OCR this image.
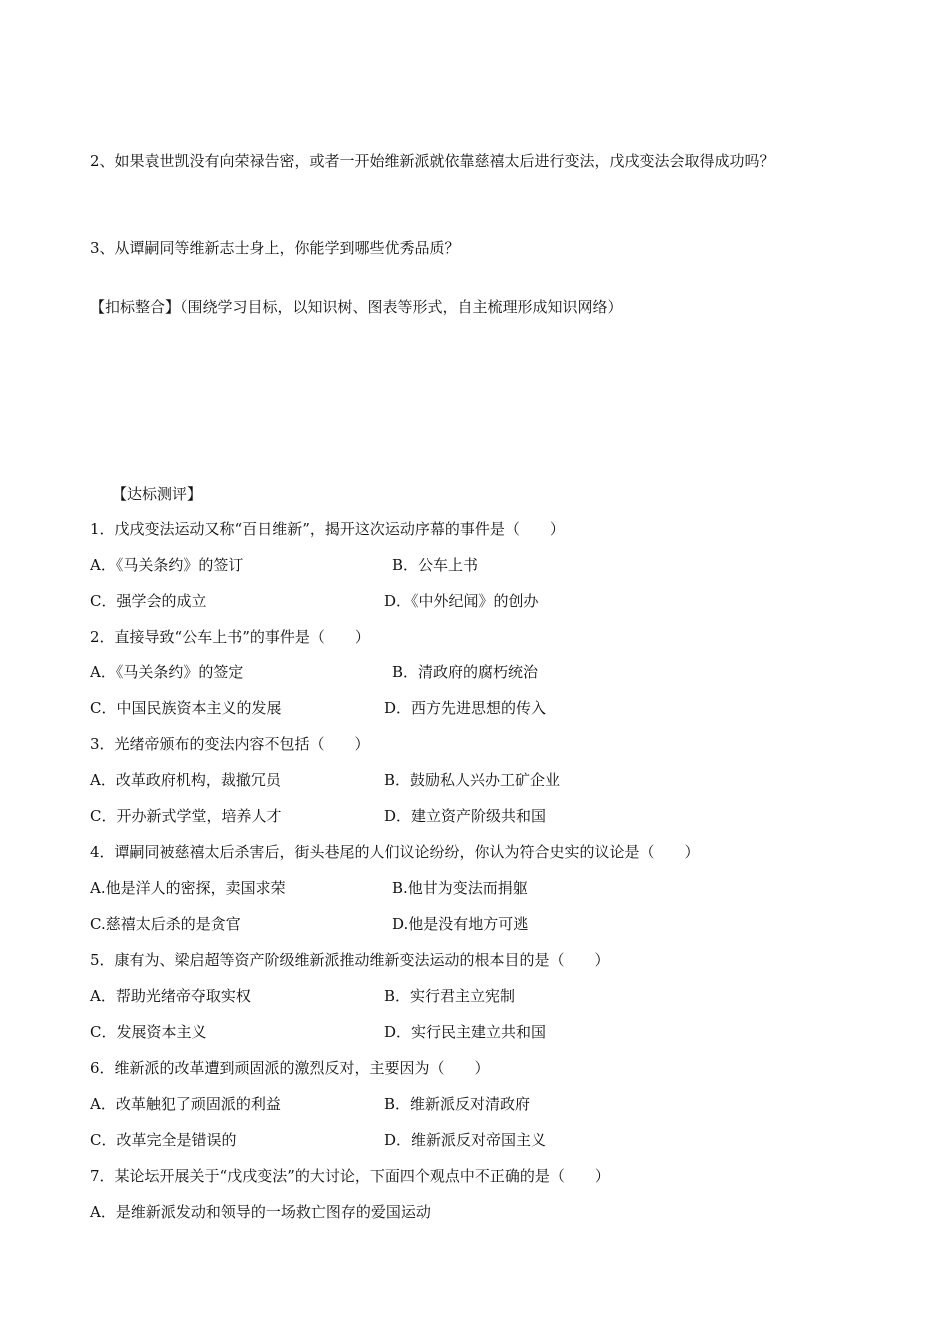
2、如果袁世凯没有向荣禄告密，或者一开始维新派就依靠慈禧太后进行变法，戊戌变法会取得成功吗？
3、从谭嗣同等维新志士身上，你能学到哪些优秀品质？
【扣标整合】（围绕学习目标，以知识树、图表等形式，自主梳理形成知识网络）
【达标测评】
1．戊戌变法运动又称“百日维新”，揭开这次运动序幕的事件是（　　）
A．《马关条约》的签订	B．公车上书
C．强学会的成立	D．《中外纪闻》的创办
2．直接导致“公车上书”的事件是（　　）
A．《马关条约》的签定	B．清政府的腐朽统治
C．中国民族资本主义的发展	D．西方先进思想的传入
3．光绪帝颁布的变法内容不包括（　　）
A．改革政府机构，裁撤冗员	B．鼓励私人兴办工矿企业
C．开办新式学堂，培养人才	D．建立资产阶级共和国
4．谭嗣同被慈禧太后杀害后，街头巷尾的人们议论纷纷，你认为符合史实的议论是（　　）
A.他是洋人的密探，卖国求荣	B.他甘为变法而捐躯
C.慈禧太后杀的是贪官	D.他是没有地方可逃
5．康有为、梁启超等资产阶级维新派推动维新变法运动的根本目的是（　　）
A．帮助光绪帝夺取实权	B．实行君主立宪制
C．发展资本主义	D．实行民主建立共和国
6．维新派的改革遭到顽固派的激烈反对，主要因为（　　）
A．改革触犯了顽固派的利益	B．维新派反对清政府
C．改革完全是错误的	D．维新派反对帝国主义
7．某论坛开展关于“戊戌变法”的大讨论，下面四个观点中不正确的是（　　）
A．是维新派发动和领导的一场救亡图存的爱国运动
